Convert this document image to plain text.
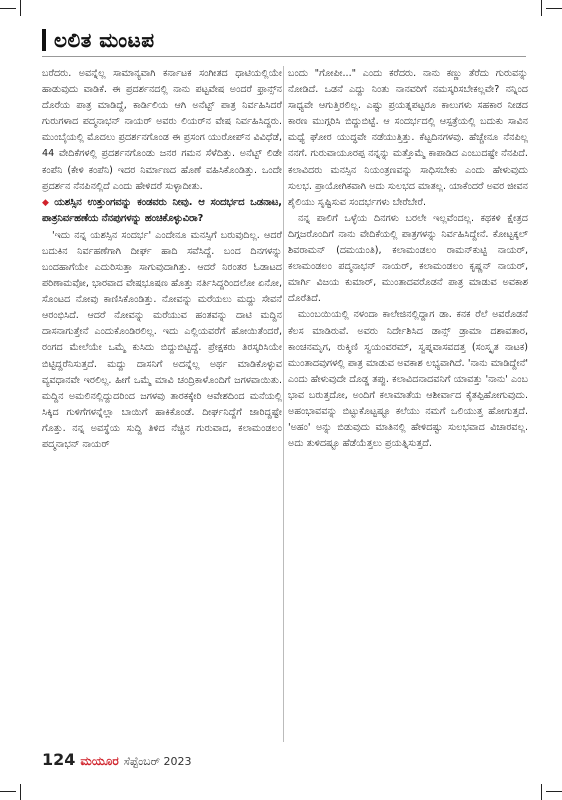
ಲಲಿತ ಮಂಟಪ

ಬರೆದರು. ಅವನ್ನೆಲ್ಲ ಸಾಮಾನ್ಯವಾಗಿ ಕರ್ನಾಟಕ ಸಂಗೀತದ ಧಾಟಿಯಲ್ಲಿಯೇ ಹಾಡುವುದು ವಾಡಿಕೆ. ಈ ಪ್ರದರ್ಶನದಲ್ಲಿ ನಾನು ಪಟ್ಟವೇಷ ಅಂದರೆ ಫ್ರಾನ್ಸ್‌ನ ದೊರೆಯ ಪಾತ್ರ ಮಾಡಿದ್ದೆ, ಕಾರ್ಡಿಲಿಯ ಆಗಿ ಅನೆಟ್ಟ್ ಪಾತ್ರ ನಿರ್ವಹಿಸಿದರೆ ಗುರುಗಳಾದ ಪದ್ಮನಾಭನ್ ನಾಯರ್ ಅವರು ಲಿಯರ್‌ನ ವೇಷ ನಿರ್ವಹಿಸಿದ್ದರು. ಮುಂಬೈಯಲ್ಲಿ ಮೊದಲು ಪ್ರದರ್ಶನಗೊಂಡ ಈ ಪ್ರಸಂಗ ಯುರೋಪ್‌ನ ವಿವಿಧೆಡೆ, 44 ವೇದಿಕೆಗಳಲ್ಲಿ ಪ್ರದರ್ಶನಗೊಂಡು ಜನರ ಗಮನ ಸೆಳೆದಿತ್ತು. ಅನೆಟ್ಟ್ ಲಿಡೇ ಕಂಪೆನಿ (ಕೇಳಿ ಕಂಪೆನಿ) ಇದರ ನಿರ್ಮಾಣದ ಹೊಣೆ ವಹಿಸಿಕೊಂಡಿತ್ತು. ಒಂದೇ ಪ್ರದರ್ಶನ ನೆನಪಿನಲ್ಲಿದೆ ಎಂದು ಹೇಳಿದರೆ ಸುಳ್ಳಾದೀತು.

◆ ಯಶಸ್ಸಿನ ಉತ್ತುಂಗವನ್ನು ಕಂಡವರು ನೀವು. ಆ ಸಂದರ್ಭದ ಒಡನಾಟ, ಪಾತ್ರನಿರ್ವಹಣೆಯ ನೆನಪುಗಳನ್ನು ಹಂಚಿಕೊಳ್ಳುವಿರಾ?

'ಇದು ನನ್ನ ಯಶಸ್ಸಿನ ಸಂದರ್ಭ' ಎಂದೇನೂ ಮನಸ್ಸಿಗೆ ಬರುವುದಿಲ್ಲ. ಆದರೆ ಬದುಕಿನ ನಿರ್ವಹಣೆಗಾಗಿ ದೀರ್ಘ ಹಾದಿ ಸವೆಸಿದ್ದೆ. ಬಂದ ದಿನಗಳನ್ನು ಬಂದಹಾಗೆಯೇ ಎದುರಿಸುತ್ತಾ ಸಾಗುವುದಾಗಿತ್ತು. ಆದರೆ ನಿರಂತರ ಓಡಾಟದ ಪರಿಣಾಮವೋ, ಭಾರವಾದ ವೇಷಭೂಷಣ ಹೊತ್ತು ನರ್ತಿಸಿದ್ದರಿಂದಲೋ ಏನೋ, ಸೊಂಟದ ನೋವು ಕಾಣಿಸಿಕೊಂಡಿತ್ತು. ನೋವನ್ನು ಮರೆಯಲು ಮದ್ದು ಸೇವನೆ ಆರಂಭಿಸಿದೆ. ಆದರೆ ನೋವನ್ನು ಮರೆಯುವ ಹಂತವನ್ನು ದಾಟಿ ಮದ್ದಿನ ದಾಸನಾಗುತ್ತೇನೆ ಎಂದುಕೊಂಡಿರಲಿಲ್ಲ. ಇದು ಎಲ್ಲಿಯವರೆಗೆ ಹೋಯಿತೆಂದರೆ, ರಂಗದ ಮೇಲೆಯೇ ಒಮ್ಮೆ ಕುಸಿದು ಬಿದ್ದುಬಿಟ್ಟಿದ್ದೆ. ಪ್ರೇಕ್ಷಕರು ತಿರಸ್ಕರಿಸಿಯೇ ಬಿಟ್ಟಿದ್ದರೆನಿಸುತ್ತದೆ. ಮದ್ದು ದಾಸನಿಗೆ ಅದನ್ನೆಲ್ಲ ಅರ್ಥ ಮಾಡಿಕೊಳ್ಳುವ ವ್ಯವಧಾನವೇ ಇರಲಿಲ್ಲ. ಹೀಗೆ ಒಮ್ಮೆ ಮಾವಿ ಚಂದ್ರಿಕಾಳೊಂದಿಗೆ ಜಗಳವಾಯಿತು. ಮದ್ದಿನ ಅಮಲಿನಲ್ಲಿದ್ದುದರಿಂದ ಜಗಳವು ತಾರಕಕ್ಕೇರಿ ಆವೇಶದಿಂದ ಮನೆಯಲ್ಲಿ ಸಿಕ್ಕಿದ ಗುಳಿಗೆಗಳನ್ನೆಲ್ಲಾ ಬಾಯಿಗೆ ಹಾಕಿಕೊಂಡೆ. ದೀರ್ಘನಿದ್ದೆಗೆ ಜಾರಿದ್ದಷ್ಟೇ ಗೊತ್ತು. ನನ್ನ ಅವಸ್ಥೆಯ ಸುದ್ದಿ ತಿಳಿದ ನೆಚ್ಚಿನ ಗುರುವಾದ, ಕಲಾಮಂಡಲಂ ಪದ್ಮನಾಭನ್ ನಾಯರ್

ಬಂದು "ಗೋಪೀ..." ಎಂದು ಕರೆದರು. ನಾನು ಕಣ್ಣು ತೆರೆದು ಗುರುವನ್ನು ನೋಡಿದೆ. ಒಡನೆ ಎದ್ದು ನಿಂತು ನಾನವರಿಗೆ ನಮಸ್ಕರಿಸಬೇಕಲ್ಲವೇ? ನನ್ನಿಂದ ಸಾಧ್ಯವೇ ಆಗುತ್ತಿರಲಿಲ್ಲ. ಎಷ್ಟು ಪ್ರಯತ್ನಪಟ್ಟರೂ ಕಾಲುಗಳು ಸಹಕಾರ ನೀಡದ ಕಾರಣ ಮುಗ್ಗರಿಸಿ ಬಿದ್ದುಬಿಟ್ಟೆ. ಆ ಸಂದರ್ಭದಲ್ಲಿ ಆಸ್ಪತ್ರೆಯಲ್ಲಿ ಬದುಕು ಸಾವಿನ ಮಧ್ಯೆ ಘೋರ ಯುದ್ಧವೇ ನಡೆಯುತ್ತಿತ್ತು. ಕೆಟ್ಟದಿನಗಳವು. ಹೆಚ್ಚೇನೂ ನೆನಪಿಲ್ಲ ನನಗೆ. ಗುರುವಾಯೂರಪ್ಪ ನನ್ನನ್ನು ಮತ್ತೊಮ್ಮೆ ಕಾಪಾಡಿದ ಎಂಬುದಷ್ಟೇ ನೆನಪಿದೆ. ಕಲಾವಿದರು ಮನಸ್ಸಿನ ನಿಯಂತ್ರಣವನ್ನು ಸಾಧಿಸಬೇಕು ಎಂದು ಹೇಳುವುದು ಸುಲಭ. ಪ್ರಾಯೋಗಿಕವಾಗಿ ಅದು ಸುಲಭದ ಮಾತಲ್ಲ. ಯಾಕೆಂದರೆ ಅವರ ಜೀವನ ಶೈಲಿಯು ಸೃಷ್ಟಿಸುವ ಸಂದರ್ಭಗಳು ಬೇರೆಬೇರೆ.

ನನ್ನ ಪಾಲಿಗೆ ಒಳ್ಳೆಯ ದಿನಗಳು ಬರಲೇ ಇಲ್ಲವೆಂದಲ್ಲ. ಕಥಕಳಿ ಕ್ಷೇತ್ರದ ದಿಗ್ಗಜರೊಂದಿಗೆ ನಾನು ವೇದಿಕೆಯಲ್ಲಿ ಪಾತ್ರಗಳನ್ನು ನಿರ್ವಹಿಸಿದ್ದೇನೆ. ಕೋಟ್ಟಕ್ಕಲ್ ಶಿವರಾಮನ್ (ದಮಯಂತಿ), ಕಲಾಮಂಡಲಂ ರಾಮನ್‌ಕುಟ್ಟಿ ನಾಯರ್, ಕಲಾಮಂಡಲಂ ಪದ್ಮನಾಭನ್ ನಾಯರ್, ಕಲಾಮಂಡಲಂ ಕೃಷ್ಣನ್ ನಾಯರ್, ಮಾರ್ಗಿ ವಿಜಯ ಕುಮಾರ್, ಮುಂತಾದವರೊಡನೆ ಪಾತ್ರ ಮಾಡುವ ಅವಕಾಶ ದೊರೆತಿದೆ.

ಮುಂಬಯಿಯಲ್ಲಿ ನಳಂದಾ ಕಾಲೇಜಿನಲ್ಲಿದ್ದಾಗ ಡಾ. ಕನಕ ರೆಲೆ ಅವರೊಡನೆ ಕೆಲಸ ಮಾಡಿರುವೆ. ಅವರು ನಿರ್ದೇಶಿಸಿದ ಡಾನ್ಸ್ ಡ್ರಾಮಾ ದಶಾವತಾರ, ಕಾಂಚನಮೃಗ, ರುಕ್ಮಿಣಿ ಸ್ವಯಂವರಮ್, ಸ್ವಪ್ನವಾಸವದತ್ತ (ಸಂಸ್ಕೃತ ನಾಟಕ) ಮುಂತಾದವುಗಳಲ್ಲಿ ಪಾತ್ರ ಮಾಡುವ ಅವಕಾಶ ಲಭ್ಯವಾಗಿದೆ. 'ನಾನು ಮಾಡಿದ್ದೇನೆ' ಎಂದು ಹೇಳುವುದೇ ದೊಡ್ಡ ತಪ್ಪು. ಕಲಾವಿದನಾದವನಿಗೆ ಯಾವತ್ತು 'ನಾನು' ಎಂಬ ಭಾವ ಬರುತ್ತದೋ, ಅಂದಿಗೆ ಕಲಾಮಾತೆಯ ಆಶೀರ್ವಾದ ಕೈತಪ್ಪಿಹೋಗುವುದು. ಅಹಂಭಾವವನ್ನು ಬಿಟ್ಟುಕೊಟ್ಟಷ್ಟೂ ಕಲೆಯು ನಮಗೆ ಒಲಿಯುತ್ತ ಹೋಗುತ್ತದೆ. 'ಅಹಂ' ಅನ್ನು ಬಿಡುವುದು ಮಾತಿನಲ್ಲಿ ಹೇಳಿದಷ್ಟು ಸುಲಭವಾದ ವಿಚಾರವಲ್ಲ. ಅದು ತುಳಿದಷ್ಟೂ ಹೆಡೆಯೆತ್ತಲು ಪ್ರಯತ್ನಿಸುತ್ತದೆ.

124 ಮಯೂರ ಸೆಪ್ಟೆಂಬರ್ 2023
